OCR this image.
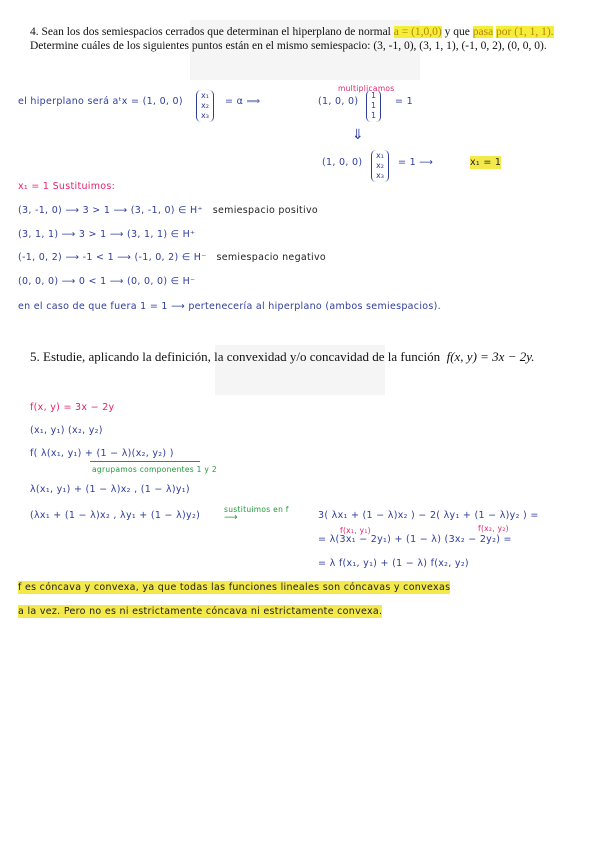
4. Sean los dos semiespacios cerrados que determinan el hiperplano de normal a = (1,0,0) y que pasa por (1, 1, 1). Determine cuáles de los siguientes puntos están en el mismo semiespacio: (3, -1, 0), (3, 1, 1), (-1, 0, 2), (0, 0, 0).
multiplicamos
el hiperplano será aᵗx = (1, 0, 0)
x₁
x₂
x₃
= α ⟹	(1, 0, 0)
1
1
1
= 1
⇓
(1, 0, 0)
x₁
x₂
x₃
= 1 ⟶	x₁ = 1
x₁ = 1 Sustituimos:
(3, -1, 0) ⟶ 3 > 1 ⟶ (3, -1, 0) ∈ H⁺ semiespacio positivo
(3, 1, 1) ⟶ 3 > 1 ⟶ (3, 1, 1) ∈ H⁺
(-1, 0, 2) ⟶ -1 < 1 ⟶ (-1, 0, 2) ∈ H⁻ semiespacio negativo
(0, 0, 0) ⟶ 0 < 1 ⟶ (0, 0, 0) ∈ H⁻
en el caso de que fuera 1 = 1 ⟶ pertenecería al hiperplano (ambos semiespacios).
5. Estudie, aplicando la definición, la convexidad y/o concavidad de la función f(x, y) = 3x − 2y.
f(x, y) = 3x − 2y
(x₁, y₁) (x₂, y₂)
f( λ(x₁, y₁) + (1 − λ)(x₂, y₂) )
agrupamos componentes 1 y 2
λ(x₁, y₁) + (1 − λ)x₂ , (1 − λ)y₁)
(λx₁ + (1 − λ)x₂ , λy₁ + (1 − λ)y₂)
sustituimos en f
⟶	3( λx₁ + (1 − λ)x₂ ) − 2( λy₁ + (1 − λ)y₂ ) =
f(x₁, y₁)	f(x₂, y₂)
= λ(3x₁ − 2y₁) + (1 − λ) (3x₂ − 2y₂) =
= λ f(x₁, y₁) + (1 − λ) f(x₂, y₂)
f es cóncava y convexa, ya que todas las funciones lineales son cóncavas y convexas
a la vez. Pero no es ni estrictamente cóncava ni estrictamente convexa.
